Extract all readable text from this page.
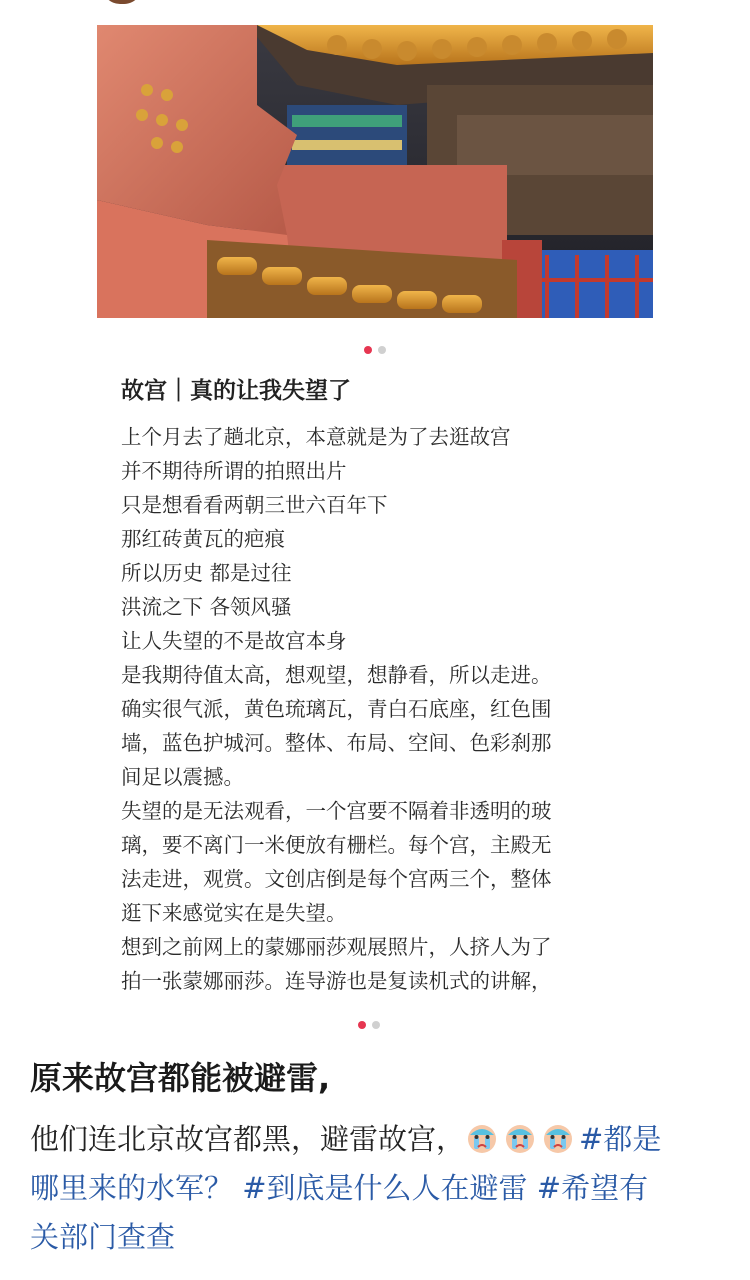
故宫｜真的让我失望了
上个月去了趟北京，本意就是为了去逛故宫
并不期待所谓的拍照出片
只是想看看两朝三世六百年下
那红砖黄瓦的疤痕
所以历史 都是过往
洪流之下 各领风骚
让人失望的不是故宫本身
是我期待值太高，想观望，想静看，所以走进。
确实很气派，黄色琉璃瓦，青白石底座，红色围
墙，蓝色护城河。整体、布局、空间、色彩刹那
间足以震撼。
失望的是无法观看，一个宫要不隔着非透明的玻
璃，要不离门一米便放有栅栏。每个宫，主殿无
法走进，观赏。文创店倒是每个宫两三个，整体
逛下来感觉实在是失望。
想到之前网上的蒙娜丽莎观展照片，人挤人为了
拍一张蒙娜丽莎。连导游也是复读机式的讲解，
原来故宫都能被避雷,
他们连北京故宫都黑，避雷故宫，	#都是
哪里来的水军？ #到底是什么人在避雷 #希望有
关部门查查
